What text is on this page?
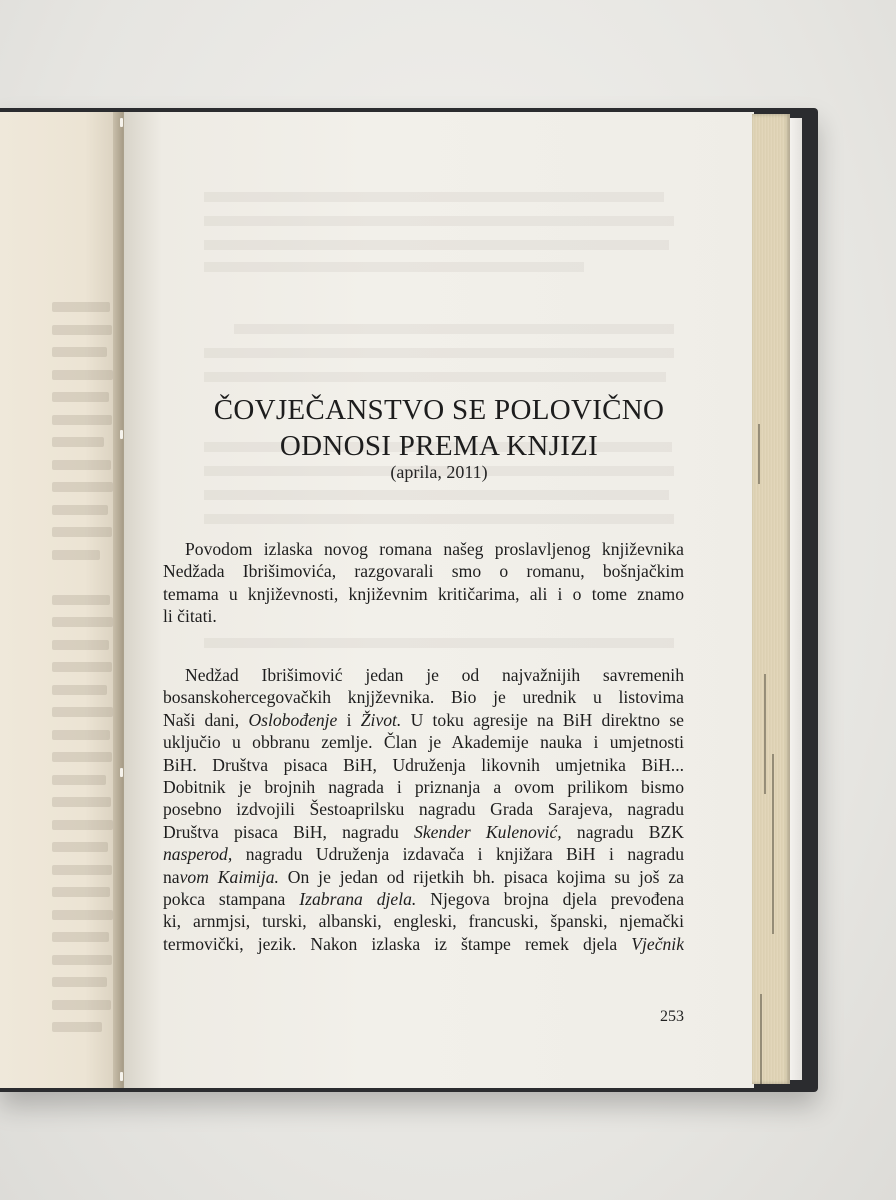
ČOVJEČANSTVO SE POLOVIČNO
ODNOSI PREMA KNJIZI
(aprila, 2011)
Povodom izlaska novog romana našeg proslavljenog književnika
Nedžada Ibrišimovića, razgovarali smo o romanu, bošnjačkim
temama u književnosti, književnim kritičarima, ali i o tome znamo
li čitati.
Nedžad Ibrišimović jedan je od najvažnijih savremenih
bosanskohercegovačkih knjjževnika. Bio je urednik u listovima
Naši dani, Oslobođenje i Život. U toku agresije na BiH direktno se
uključio u obbranu zemlje. Član je Akademije nauka i umjetnosti
BiH. Društva pisaca BiH, Udruženja likovnih umjetnika BiH...
Dobitnik je brojnih nagrada i priznanja a ovom prilikom bismo
posebno izdvojili Šestoaprilsku nagradu Grada Sarajeva, nagradu
Društva pisaca BiH, nagradu Skender Kulenović, nagradu BZK
nasperod, nagradu Udruženja izdavača i knjižara BiH i nagradu
navom Kaimija. On je jedan od rijetkih bh. pisaca kojima su još za
pokca stampana Izabrana djela. Njegova brojna djela prevođena
ki, arnmjsi, turski, albanski, engleski, francuski, španski, njemački
termovički, jezik. Nakon izlaska iz štampe remek djela Vječnik
253
